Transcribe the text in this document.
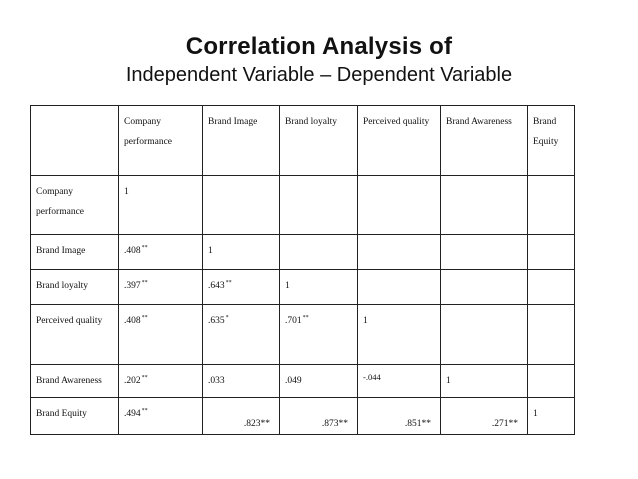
Correlation Analysis of
Independent Variable – Dependent Variable
	Company performance	Brand Image	Brand loyalty	Perceived quality	Brand Awareness	Brand Equity
Company performance	1					
Brand Image	.408**	1				
Brand loyalty	.397**	.643**	1			
Perceived quality	.408**	.635*	.701**	1		
Brand Awareness	.202**	.033	.049	-.044	1	
Brand Equity	.494**	.823**	.873**	.851**	.271**	1
